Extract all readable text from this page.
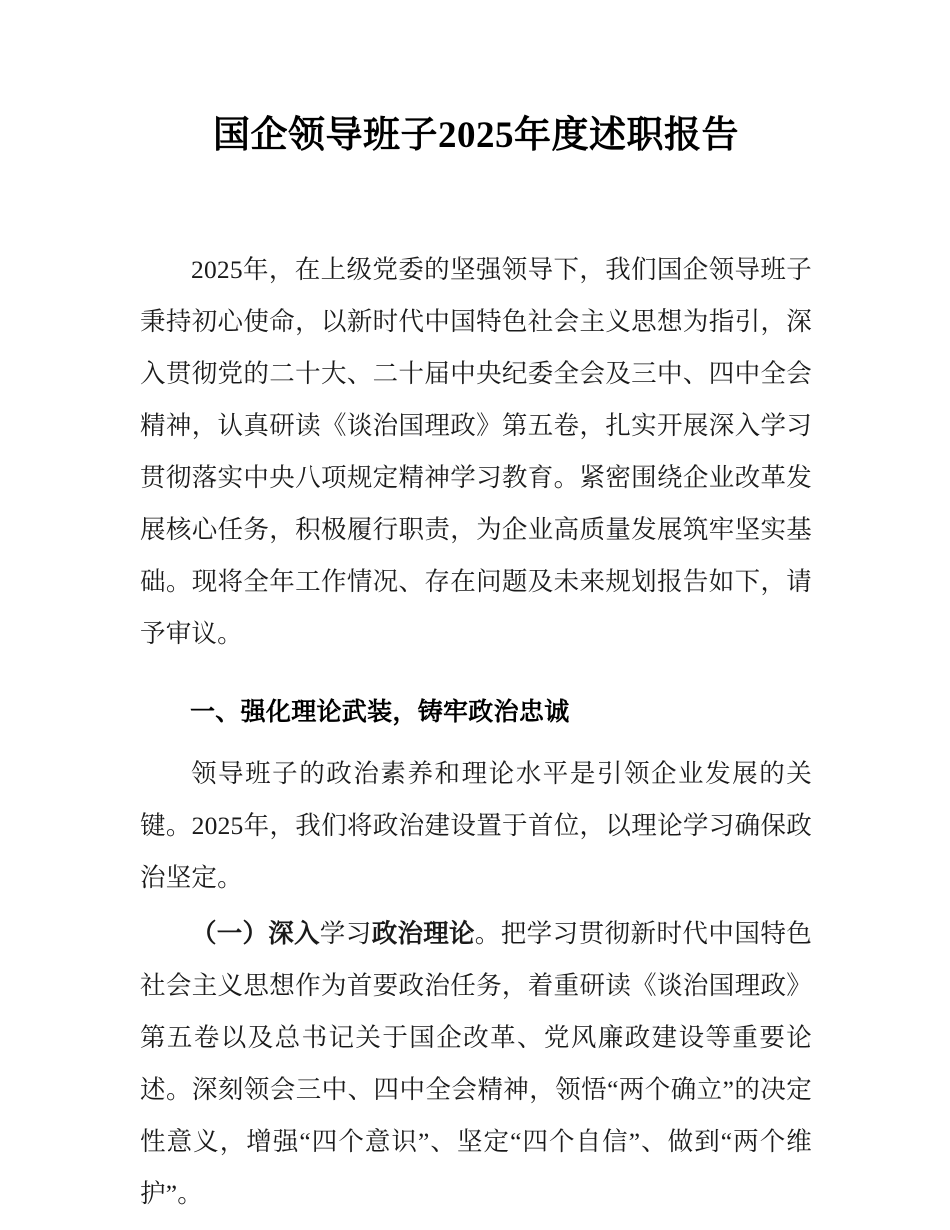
国企领导班子2025年度述职报告

2025年，在上级党委的坚强领导下，我们国企领导班子秉持初心使命，以新时代中国特色社会主义思想为指引，深入贯彻党的二十大、二十届中央纪委全会及三中、四中全会精神，认真研读《谈治国理政》第五卷，扎实开展深入学习贯彻落实中央八项规定精神学习教育。紧密围绕企业改革发展核心任务，积极履行职责，为企业高质量发展筑牢坚实基础。现将全年工作情况、存在问题及未来规划报告如下，请予审议。

一、强化理论武装，铸牢政治忠诚

领导班子的政治素养和理论水平是引领企业发展的关键。2025年，我们将政治建设置于首位，以理论学习确保政治坚定。

（一）深入学习政治理论。把学习贯彻新时代中国特色社会主义思想作为首要政治任务，着重研读《谈治国理政》第五卷以及总书记关于国企改革、党风廉政建设等重要论述。深刻领会三中、四中全会精神，领悟“两个确立”的决定性意义，增强“四个意识”、坚定“四个自信”、做到“两个维护”。
